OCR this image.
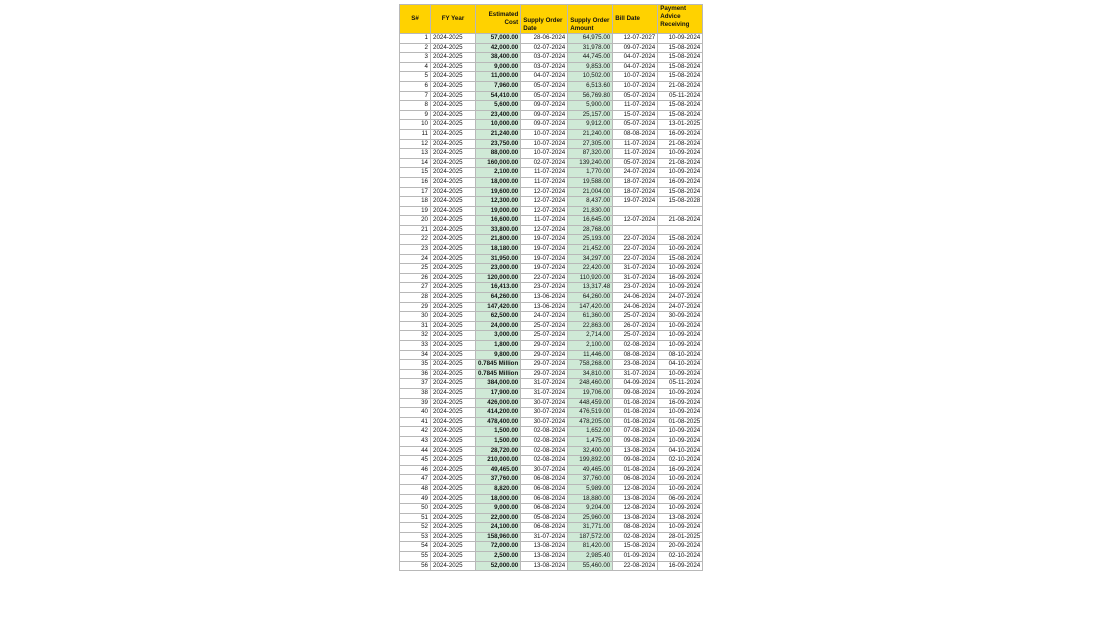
S#	FY Year	Estimated Cost	Supply Order Date	Supply Order Amount	Bill Date	Payment Advice Receiving
1	2024-2025	57,000.00	28-06-2024	64,975.00	12-07-2027	10-09-2024
2	2024-2025	42,000.00	02-07-2024	31,978.00	09-07-2024	15-08-2024
3	2024-2025	38,400.00	03-07-2024	44,745.00	04-07-2024	15-08-2024
4	2024-2025	9,000.00	03-07-2024	9,853.00	04-07-2024	15-08-2024
5	2024-2025	11,000.00	04-07-2024	10,502.00	10-07-2024	15-08-2024
6	2024-2025	7,960.00	05-07-2024	6,513.60	10-07-2024	21-08-2024
7	2024-2025	54,410.00	05-07-2024	56,769.80	05-07-2024	05-11-2024
8	2024-2025	5,600.00	09-07-2024	5,900.00	11-07-2024	15-08-2024
9	2024-2025	23,400.00	09-07-2024	25,157.00	15-07-2024	15-08-2024
10	2024-2025	10,000.00	09-07-2024	9,912.00	05-07-2024	13-01-2025
11	2024-2025	21,240.00	10-07-2024	21,240.00	08-08-2024	16-09-2024
12	2024-2025	23,750.00	10-07-2024	27,305.00	11-07-2024	21-08-2024
13	2024-2025	88,000.00	10-07-2024	87,320.00	11-07-2024	10-09-2024
14	2024-2025	160,000.00	02-07-2024	139,240.00	05-07-2024	21-08-2024
15	2024-2025	2,100.00	11-07-2024	1,770.00	24-07-2024	10-09-2024
16	2024-2025	18,000.00	11-07-2024	19,588.00	18-07-2024	16-09-2024
17	2024-2025	19,600.00	12-07-2024	21,004.00	18-07-2024	15-08-2024
18	2024-2025	12,300.00	12-07-2024	8,437.00	19-07-2024	15-08-2028
19	2024-2025	19,000.00	12-07-2024	21,830.00		
20	2024-2025	16,600.00	11-07-2024	16,645.00	12-07-2024	21-08-2024
21	2024-2025	33,800.00	12-07-2024	28,768.00		
22	2024-2025	21,800.00	19-07-2024	25,193.00	22-07-2024	15-08-2024
23	2024-2025	18,180.00	19-07-2024	21,452.00	22-07-2024	10-09-2024
24	2024-2025	31,950.00	19-07-2024	34,297.00	22-07-2024	15-08-2024
25	2024-2025	23,000.00	19-07-2024	22,420.00	31-07-2024	10-09-2024
26	2024-2025	120,000.00	22-07-2024	110,920.00	31-07-2024	16-09-2024
27	2024-2025	16,413.00	23-07-2024	13,317.48	23-07-2024	10-09-2024
28	2024-2025	64,260.00	13-06-2024	64,260.00	24-06-2024	24-07-2024
29	2024-2025	147,420.00	13-06-2024	147,420.00	24-06-2024	24-07-2024
30	2024-2025	62,500.00	24-07-2024	61,360.00	25-07-2024	30-09-2024
31	2024-2025	24,000.00	25-07-2024	22,863.00	26-07-2024	10-09-2024
32	2024-2025	3,000.00	25-07-2024	2,714.00	25-07-2024	10-09-2024
33	2024-2025	1,800.00	29-07-2024	2,100.00	02-08-2024	10-09-2024
34	2024-2025	9,800.00	29-07-2024	11,446.00	08-08-2024	08-10-2024
35	2024-2025	0.7845 Million	29-07-2024	758,268.00	23-08-2024	04-10-2024
36	2024-2025	0.7845 Million	29-07-2024	34,810.00	31-07-2024	10-09-2024
37	2024-2025	384,000.00	31-07-2024	248,460.00	04-09-2024	05-11-2024
38	2024-2025	17,900.00	31-07-2024	19,706.00	09-08-2024	10-09-2024
39	2024-2025	426,000.00	30-07-2024	448,459.00	01-08-2024	16-09-2024
40	2024-2025	414,200.00	30-07-2024	476,519.00	01-08-2024	10-09-2024
41	2024-2025	478,400.00	30-07-2024	478,205.00	01-08-2024	01-08-2025
42	2024-2025	1,500.00	02-08-2024	1,652.00	07-08-2024	10-09-2024
43	2024-2025	1,500.00	02-08-2024	1,475.00	09-08-2024	10-09-2024
44	2024-2025	28,720.00	02-08-2024	32,400.00	13-08-2024	04-10-2024
45	2024-2025	210,000.00	02-08-2024	199,892.00	09-08-2024	02-10-2024
46	2024-2025	49,465.00	30-07-2024	49,465.00	01-08-2024	16-09-2024
47	2024-2025	37,760.00	06-08-2024	37,760.00	06-08-2024	10-09-2024
48	2024-2025	8,820.00	06-08-2024	5,989.00	12-08-2024	10-09-2024
49	2024-2025	18,000.00	06-08-2024	18,880.00	13-08-2024	06-09-2024
50	2024-2025	9,000.00	06-08-2024	9,204.00	12-08-2024	10-09-2024
51	2024-2025	22,000.00	05-08-2024	25,960.00	13-08-2024	13-08-2024
52	2024-2025	24,100.00	06-08-2024	31,771.00	08-08-2024	10-09-2024
53	2024-2025	158,960.00	31-07-2024	187,572.00	02-08-2024	28-01-2025
54	2024-2025	72,000.00	13-08-2024	81,420.00	15-08-2024	20-09-2024
55	2024-2025	2,500.00	13-08-2024	2,985.40	01-09-2024	02-10-2024
56	2024-2025	52,000.00	13-08-2024	55,460.00	22-08-2024	16-09-2024
